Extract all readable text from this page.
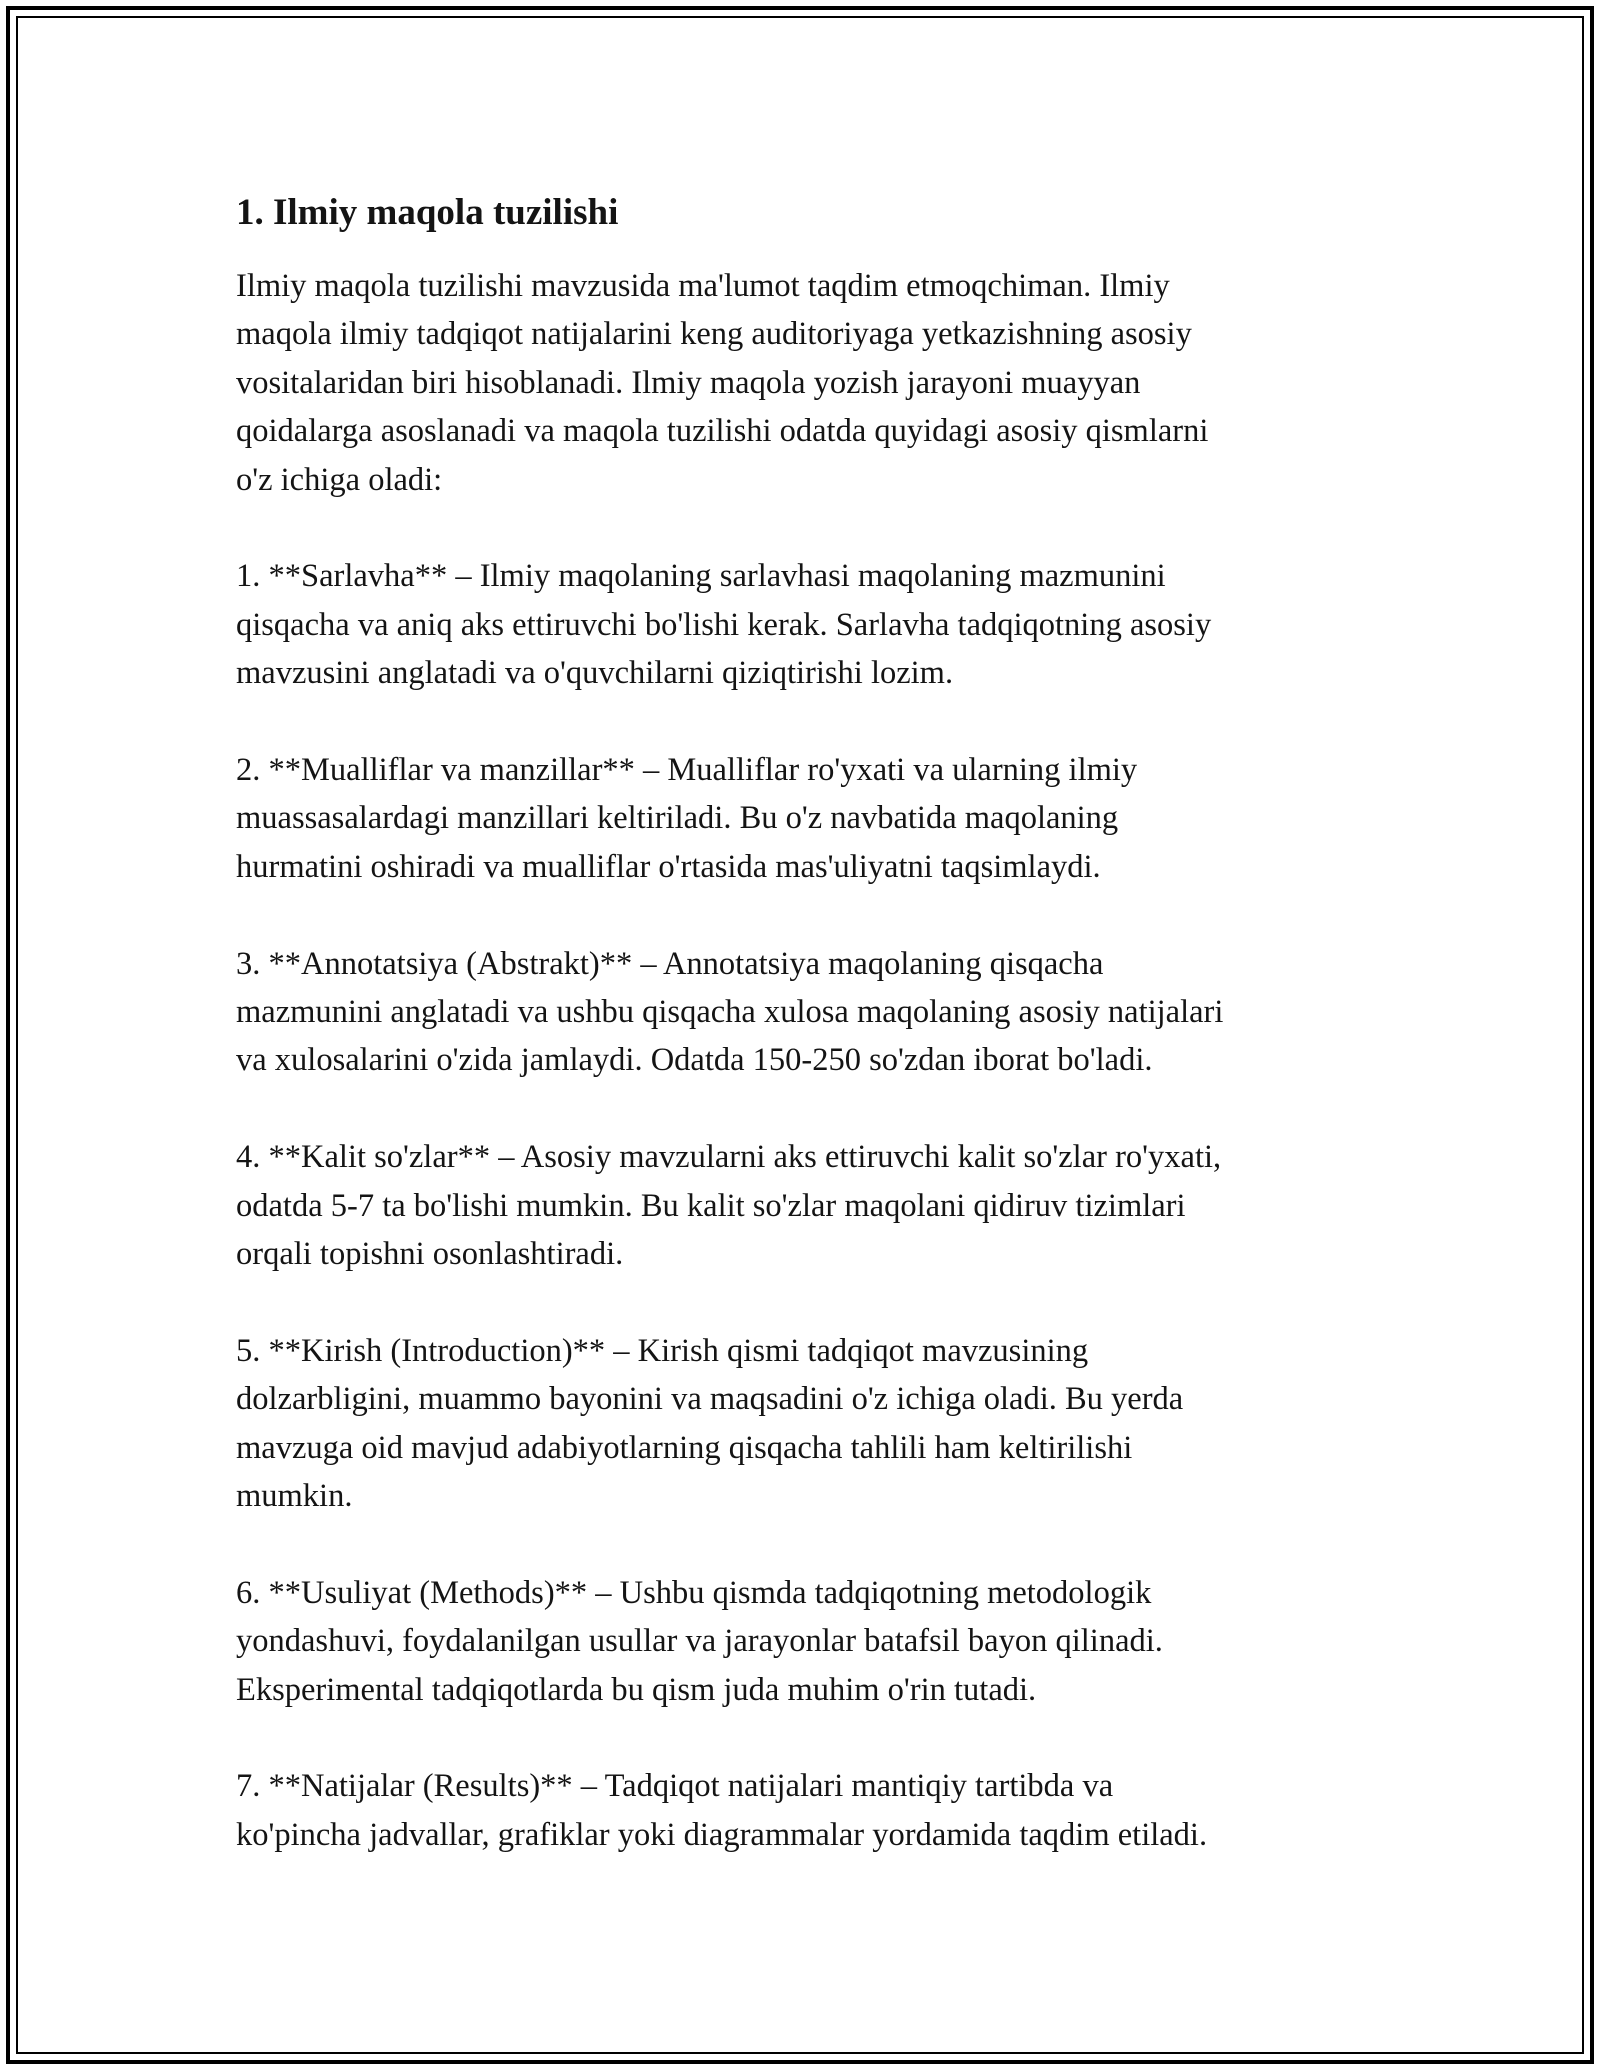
1. Ilmiy maqola tuzilishi
Ilmiy maqola tuzilishi mavzusida ma'lumot taqdim etmoqchiman. Ilmiy
maqola ilmiy tadqiqot natijalarini keng auditoriyaga yetkazishning asosiy
vositalaridan biri hisoblanadi. Ilmiy maqola yozish jarayoni muayyan
qoidalarga asoslanadi va maqola tuzilishi odatda quyidagi asosiy qismlarni
o'z ichiga oladi:
1. **Sarlavha** – Ilmiy maqolaning sarlavhasi maqolaning mazmunini
qisqacha va aniq aks ettiruvchi bo'lishi kerak. Sarlavha tadqiqotning asosiy
mavzusini anglatadi va o'quvchilarni qiziqtirishi lozim.
2. **Mualliflar va manzillar** – Mualliflar ro'yxati va ularning ilmiy
muassasalardagi manzillari keltiriladi. Bu o'z navbatida maqolaning
hurmatini oshiradi va mualliflar o'rtasida mas'uliyatni taqsimlaydi.
3. **Annotatsiya (Abstrakt)** – Annotatsiya maqolaning qisqacha
mazmunini anglatadi va ushbu qisqacha xulosa maqolaning asosiy natijalari
va xulosalarini o'zida jamlaydi. Odatda 150-250 so'zdan iborat bo'ladi.
4. **Kalit so'zlar** – Asosiy mavzularni aks ettiruvchi kalit so'zlar ro'yxati,
odatda 5-7 ta bo'lishi mumkin. Bu kalit so'zlar maqolani qidiruv tizimlari
orqali topishni osonlashtiradi.
5. **Kirish (Introduction)** – Kirish qismi tadqiqot mavzusining
dolzarbligini, muammo bayonini va maqsadini o'z ichiga oladi. Bu yerda
mavzuga oid mavjud adabiyotlarning qisqacha tahlili ham keltirilishi
mumkin.
6. **Usuliyat (Methods)** – Ushbu qismda tadqiqotning metodologik
yondashuvi, foydalanilgan usullar va jarayonlar batafsil bayon qilinadi.
Eksperimental tadqiqotlarda bu qism juda muhim o'rin tutadi.
7. **Natijalar (Results)** – Tadqiqot natijalari mantiqiy tartibda va
ko'pincha jadvallar, grafiklar yoki diagrammalar yordamida taqdim etiladi.
